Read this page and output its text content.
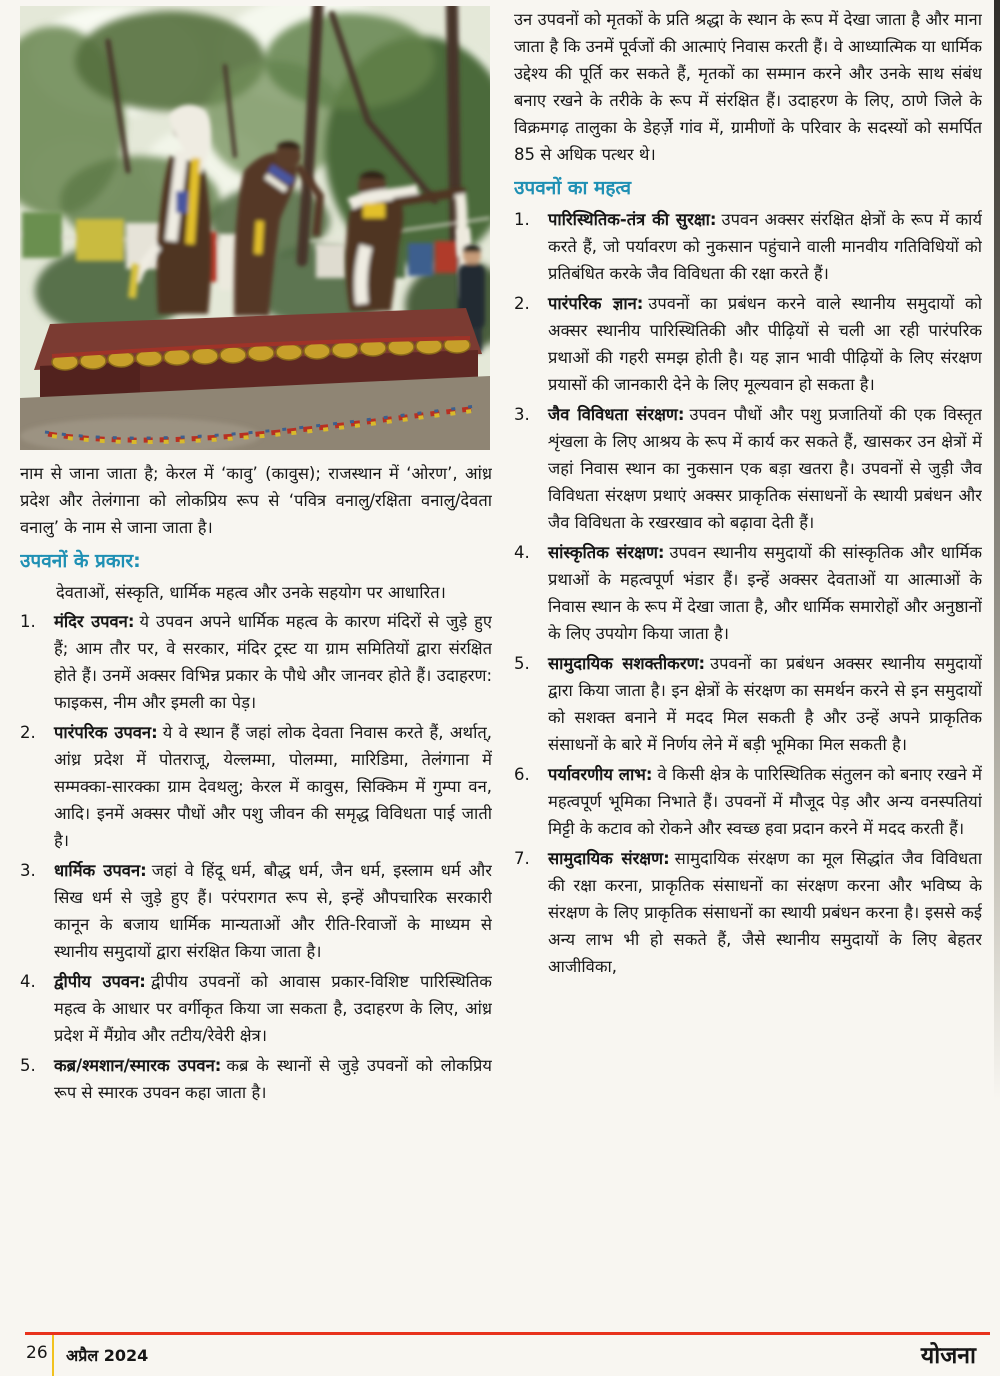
नाम से जाना जाता है; केरल में ‘कावु’ (कावुस); राजस्थान में ‘ओरण’, आंध्र प्रदेश और तेलंगाना को लोकप्रिय रूप से ‘पवित्र वनालु/रक्षिता वनालु/देवता वनालु’ के नाम से जाना जाता है।

उपवनों के प्रकार:

देवताओं, संस्कृति, धार्मिक महत्व और उनके सहयोग पर आधारित।

1.	मंदिर उपवन: ये उपवन अपने धार्मिक महत्व के कारण मंदिरों से जुड़े हुए हैं; आम तौर पर, वे सरकार, मंदिर ट्रस्ट या ग्राम समितियों द्वारा संरक्षित होते हैं। उनमें अक्सर विभिन्न प्रकार के पौधे और जानवर होते हैं। उदाहरण: फाइकस, नीम और इमली का पेड़।
2.	पारंपरिक उपवन: ये वे स्थान हैं जहां लोक देवता निवास करते हैं, अर्थात्, आंध्र प्रदेश में पोतराजू, येल्लम्मा, पोलम्मा, मारिडिमा, तेलंगाना में सम्मक्का-सारक्का ग्राम देवथलु; केरल में कावुस, सिक्किम में गुम्पा वन, आदि। इनमें अक्सर पौधों और पशु जीवन की समृद्ध विविधता पाई जाती है।
3.	धार्मिक उपवन: जहां वे हिंदू धर्म, बौद्ध धर्म, जैन धर्म, इस्लाम धर्म और सिख धर्म से जुड़े हुए हैं। परंपरागत रूप से, इन्हें औपचारिक सरकारी कानून के बजाय धार्मिक मान्यताओं और रीति-रिवाजों के माध्यम से स्थानीय समुदायों द्वारा संरक्षित किया जाता है।
4.	द्वीपीय उपवन: द्वीपीय उपवनों को आवास प्रकार-विशिष्ट पारिस्थितिक महत्व के आधार पर वर्गीकृत किया जा सकता है, उदाहरण के लिए, आंध्र प्रदेश में मैंग्रोव और तटीय/रेवेरी क्षेत्र।
5.	कब्र/श्मशान/स्मारक उपवन: कब्र के स्थानों से जुड़े उपवनों को लोकप्रिय रूप से स्मारक उपवन कहा जाता है।

उन उपवनों को मृतकों के प्रति श्रद्धा के स्थान के रूप में देखा जाता है और माना जाता है कि उनमें पूर्वजों की आत्माएं निवास करती हैं। वे आध्यात्मिक या धार्मिक उद्देश्य की पूर्ति कर सकते हैं, मृतकों का सम्मान करने और उनके साथ संबंध बनाए रखने के तरीके के रूप में संरक्षित हैं। उदाहरण के लिए, ठाणे जिले के विक्रमगढ़ तालुका के डेहर्जे़ गांव में, ग्रामीणों के परिवार के सदस्यों को समर्पित 85 से अधिक पत्थर थे।

उपवनों का महत्व
1.	पारिस्थितिक-तंत्र की सुरक्षा: उपवन अक्सर संरक्षित क्षेत्रों के रूप में कार्य करते हैं, जो पर्यावरण को नुकसान पहुंचाने वाली मानवीय गतिविधियों को प्रतिबंधित करके जैव विविधता की रक्षा करते हैं।
2.	पारंपरिक ज्ञान: उपवनों का प्रबंधन करने वाले स्थानीय समुदायों को अक्सर स्थानीय पारिस्थितिकी और पीढ़ियों से चली आ रही पारंपरिक प्रथाओं की गहरी समझ होती है। यह ज्ञान भावी पीढ़ियों के लिए संरक्षण प्रयासों की जानकारी देने के लिए मूल्यवान हो सकता है।
3.	जैव विविधता संरक्षण: उपवन पौधों और पशु प्रजातियों की एक विस्तृत शृंखला के लिए आश्रय के रूप में कार्य कर सकते हैं, खासकर उन क्षेत्रों में जहां निवास स्थान का नुकसान एक बड़ा खतरा है। उपवनों से जुड़ी जैव विविधता संरक्षण प्रथाएं अक्सर प्राकृतिक संसाधनों के स्थायी प्रबंधन और जैव विविधता के रखरखाव को बढ़ावा देती हैं।
4.	सांस्कृतिक संरक्षण: उपवन स्थानीय समुदायों की सांस्कृतिक और धार्मिक प्रथाओं के महत्वपूर्ण भंडार हैं। इन्हें अक्सर देवताओं या आत्माओं के निवास स्थान के रूप में देखा जाता है, और धार्मिक समारोहों और अनुष्ठानों के लिए उपयोग किया जाता है।
5.	सामुदायिक सशक्तीकरण: उपवनों का प्रबंधन अक्सर स्थानीय समुदायों द्वारा किया जाता है। इन क्षेत्रों के संरक्षण का समर्थन करने से इन समुदायों को सशक्त बनाने में मदद मिल सकती है और उन्हें अपने प्राकृतिक संसाधनों के बारे में निर्णय लेने में बड़ी भूमिका मिल सकती है।
6.	पर्यावरणीय लाभ: वे किसी क्षेत्र के पारिस्थितिक संतुलन को बनाए रखने में महत्वपूर्ण भूमिका निभाते हैं। उपवनों में मौजूद पेड़ और अन्य वनस्पतियां मिट्टी के कटाव को रोकने और स्वच्छ हवा प्रदान करने में मदद करती हैं।
7.	सामुदायिक संरक्षण: सामुदायिक संरक्षण का मूल सिद्धांत जैव विविधता की रक्षा करना, प्राकृतिक संसाधनों का संरक्षण करना और भविष्य के संरक्षण के लिए प्राकृतिक संसाधनों का स्थायी प्रबंधन करना है। इससे कई अन्य लाभ भी हो सकते हैं, जैसे स्थानीय समुदायों के लिए बेहतर आजीविका,
26 अप्रैल 2024	योजना
